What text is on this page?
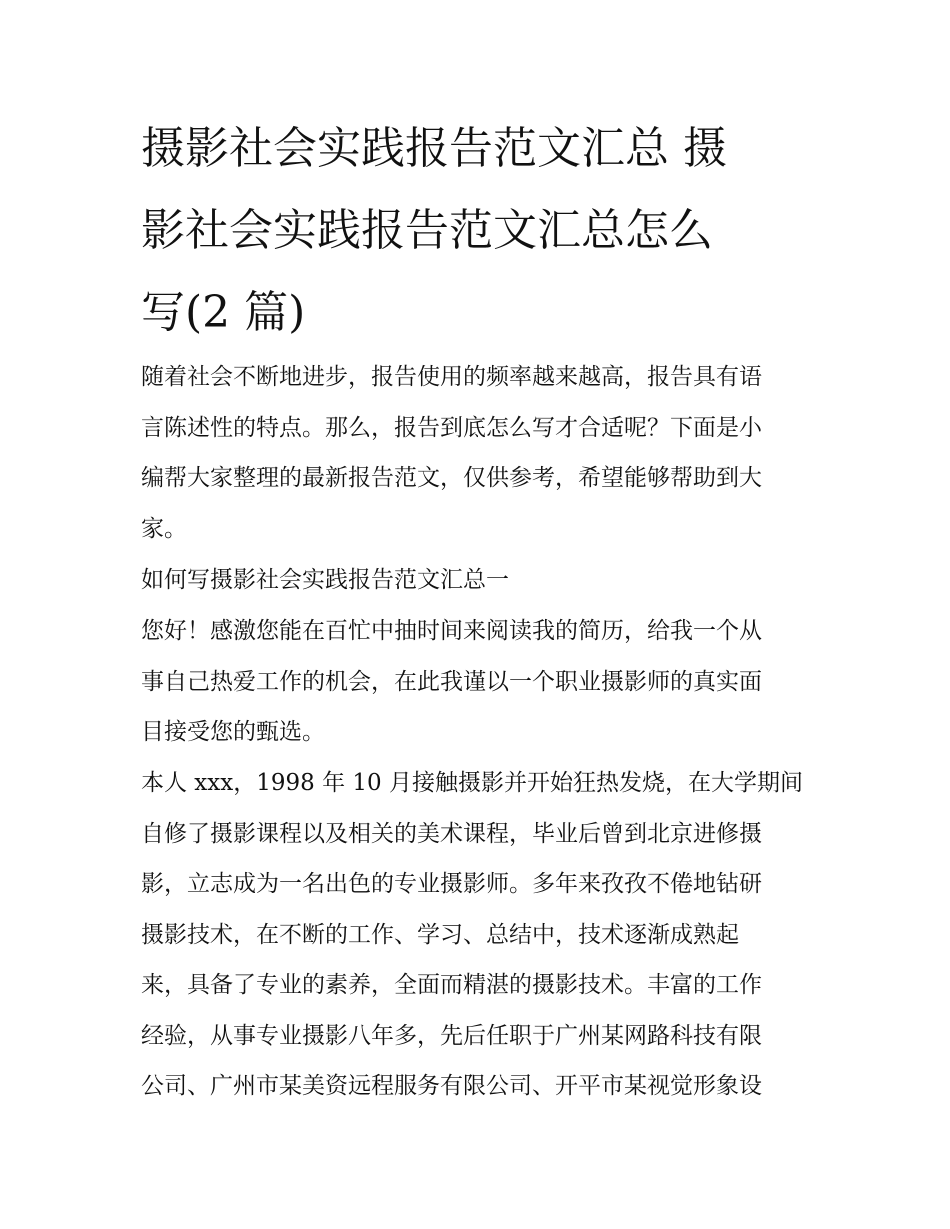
摄影社会实践报告范文汇总 摄
影社会实践报告范文汇总怎么
写(2 篇)
随着社会不断地进步，报告使用的频率越来越高，报告具有语
言陈述性的特点。那么，报告到底怎么写才合适呢？下面是小
编帮大家整理的最新报告范文，仅供参考，希望能够帮助到大
家。
如何写摄影社会实践报告范文汇总一
您好！感激您能在百忙中抽时间来阅读我的简历，给我一个从
事自己热爱工作的机会，在此我谨以一个职业摄影师的真实面
目接受您的甄选。
本人 xxx，1998 年 10 月接触摄影并开始狂热发烧，在大学期间
自修了摄影课程以及相关的美术课程，毕业后曾到北京进修摄
影，立志成为一名出色的专业摄影师。多年来孜孜不倦地钻研
摄影技术，在不断的工作、学习、总结中，技术逐渐成熟起
来，具备了专业的素养，全面而精湛的摄影技术。丰富的工作
经验，从事专业摄影八年多，先后任职于广州某网路科技有限
公司、广州市某美资远程服务有限公司、开平市某视觉形象设
